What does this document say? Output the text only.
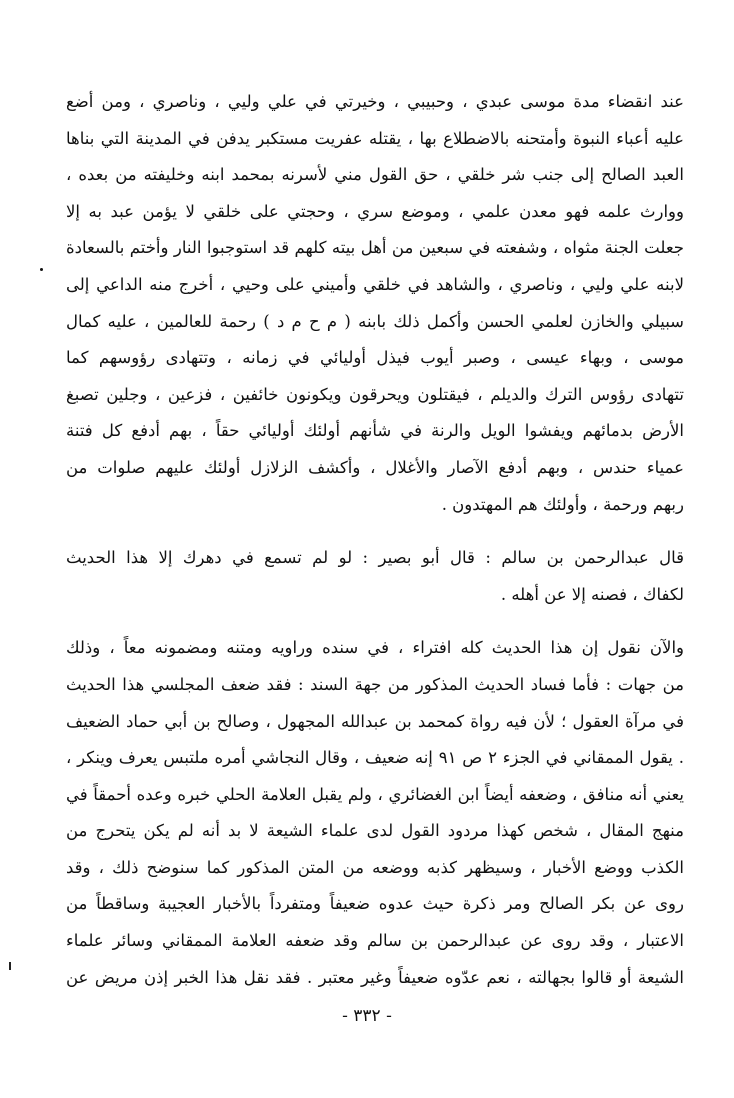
عند انقضاء مدة موسى عبدي ، وحبيبي ، وخيرتي في علي وليي ، وناصري ، ومن أضع
عليه أعباء النبوة وأمتحنه بالاضطلاع بها ، يقتله عفريت مستكبر يدفن في المدينة التي بناها
العبد الصالح إلى جنب شر خلقي ، حق القول مني لأسرنه بمحمد ابنه وخليفته من بعده ،
ووارث علمه فهو معدن علمي ، وموضع سري ، وحجتي على خلقي لا يؤمن عبد به إلا
جعلت الجنة مثواه ، وشفعته في سبعين من أهل بيته كلهم قد استوجبوا النار وأختم بالسعادة
لابنه علي وليي ، وناصري ، والشاهد في خلقي وأميني على وحيي ، أخرج منه الداعي إلى
سبيلي والخازن لعلمي الحسن وأكمل ذلك بابنه ( م ح م د ) رحمة للعالمين ، عليه كمال
موسى ، وبهاء عيسى ، وصبر أيوب فيذل أوليائي في زمانه ، وتتهادى رؤوسهم كما
تتهادى رؤوس الترك والديلم ، فيقتلون ويحرقون ويكونون خائفين ، فزعين ، وجلين تصبغ
الأرض بدمائهم ويفشوا الويل والرنة في شأنهم أولئك أوليائي حقاً ، بهم أدفع كل فتنة
عمياء حندس ، وبهم أدفع الآصار والأغلال ، وأكشف الزلازل أولئك عليهم صلوات من
ربهم ورحمة ، وأولئك هم المهتدون .
قال عبدالرحمن بن سالم : قال أبو بصير : لو لم تسمع في دهرك إلا هذا الحديث
لكفاك ، فصنه إلا عن أهله .
والآن نقول إن هذا الحديث كله افتراء ، في سنده وراويه ومتنه ومضمونه معاً ، وذلك
من جهات : فأما فساد الحديث المذكور من جهة السند : فقد ضعف المجلسي هذا الحديث
في مرآة العقول ؛ لأن فيه رواة كمحمد بن عبدالله المجهول ، وصالح بن أبي حماد الضعيف
. يقول الممقاني في الجزء ٢ ص ٩١ إنه ضعيف ، وقال النجاشي أمره ملتبس يعرف وينكر ،
يعني أنه منافق ، وضعفه أيضاً ابن الغضائري ، ولم يقبل العلامة الحلي خبره وعده أحمقاً في
منهج المقال ، شخص كهذا مردود القول لدى علماء الشيعة لا بد أنه لم يكن يتحرج من
الكذب ووضع الأخبار ، وسيظهر كذبه ووضعه من المتن المذكور كما سنوضح ذلك ، وقد
روى عن بكر الصالح ومر ذكرة حيث عدوه ضعيفاً ومتفرداً بالأخبار العجيبة وساقطاً من
الاعتبار ، وقد روى عن عبدالرحمن بن سالم وقد ضعفه العلامة الممقاني وسائر علماء
الشيعة أو قالوا بجهالته ، نعم عدّوه ضعيفاً وغير معتبر . فقد نقل هذا الخبر إذن مريض عن
- ٣٣٢ -
